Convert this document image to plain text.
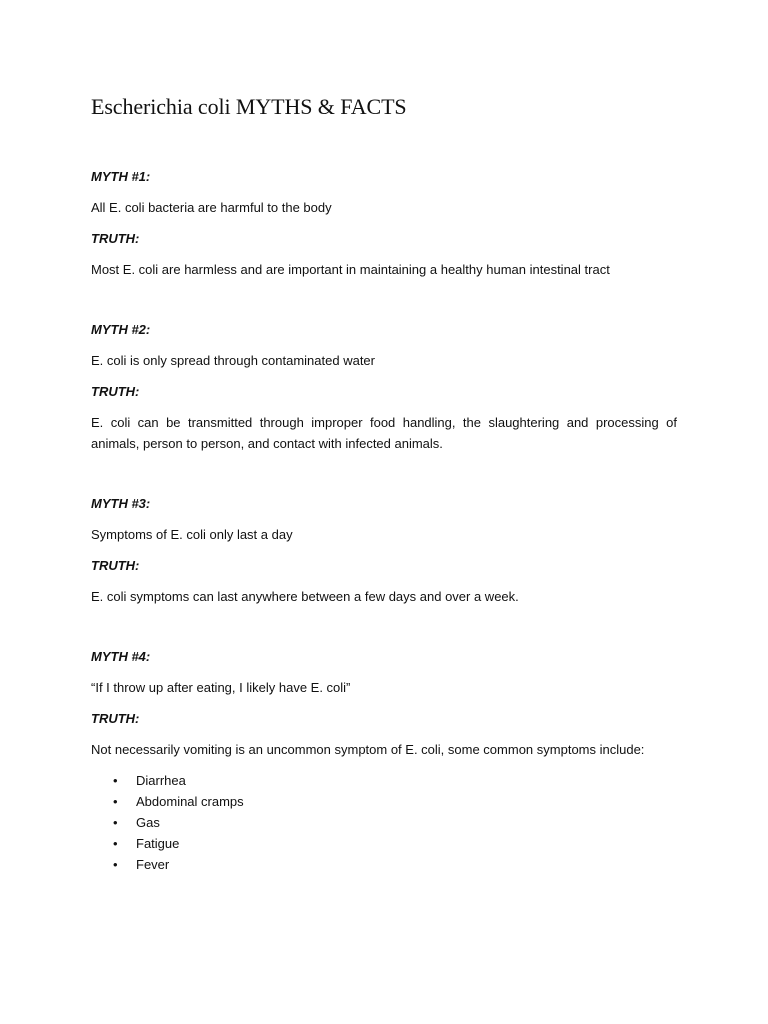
Escherichia coli MYTHS & FACTS
MYTH #1:
All E. coli bacteria are harmful to the body
TRUTH:
Most E. coli are harmless and are important in maintaining a healthy human intestinal tract
MYTH #2:
E. coli is only spread through contaminated water
TRUTH:
E. coli can be transmitted through improper food handling, the slaughtering and processing of animals, person to person, and contact with infected animals.
MYTH #3:
Symptoms of E. coli only last a day
TRUTH:
E. coli symptoms can last anywhere between a few days and over a week.
MYTH #4:
“If I throw up after eating, I likely have E. coli”
TRUTH:
Not necessarily vomiting is an uncommon symptom of E. coli, some common symptoms include:
• Diarrhea
• Abdominal cramps
• Gas
• Fatigue
• Fever
